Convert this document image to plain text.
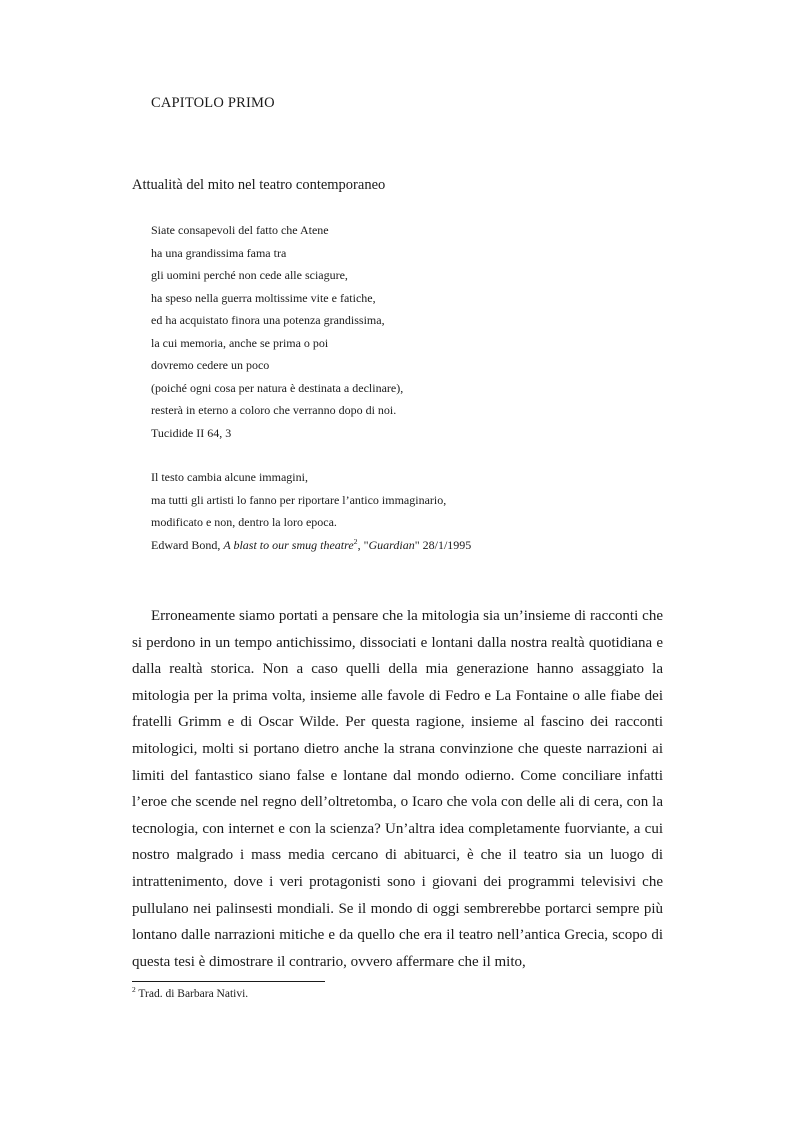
CAPITOLO PRIMO
Attualità del mito nel teatro contemporaneo
Siate consapevoli del fatto che Atene
ha una grandissima fama tra
gli uomini perché non cede alle sciagure,
ha speso nella guerra moltissime vite e fatiche,
ed ha acquistato finora una potenza grandissima,
la cui memoria, anche se prima o poi
dovremo cedere un poco
(poiché ogni cosa per natura è destinata a declinare),
resterà in eterno a coloro che verranno dopo di noi.
Tucidide II 64, 3
Il testo cambia alcune immagini,
ma tutti gli artisti lo fanno per riportare l’antico immaginario,
modificato e non, dentro la loro epoca.
Edward Bond, A blast to our smug theatre$^2$, "Guardian" 28/1/1995

Erroneamente siamo portati a pensare che la mitologia sia un’insieme di racconti che si perdono in un tempo antichissimo, dissociati e lontani dalla nostra realtà quotidiana e dalla realtà storica. Non a caso quelli della mia generazione hanno assaggiato la mitologia per la prima volta, insieme alle favole di Fedro e La Fontaine o alle fiabe dei fratelli Grimm e di Oscar Wilde. Per questa ragione, insieme al fascino dei racconti mitologici, molti si portano dietro anche la strana convinzione che queste narrazioni ai limiti del fantastico siano false e lontane dal mondo odierno. Come conciliare infatti l’eroe che scende nel regno dell’oltretomba, o Icaro che vola con delle ali di cera, con la tecnologia, con internet e con la scienza? Un’altra idea completamente fuorviante, a cui nostro malgrado i mass media cercano di abituarci, è che il teatro sia un luogo di intrattenimento, dove i veri protagonisti sono i giovani dei programmi televisivi che pullulano nei palinsesti mondiali. Se il mondo di oggi sembrerebbe portarci sempre più lontano dalle narrazioni mitiche e da quello che era il teatro nell’antica Grecia, scopo di questa tesi è dimostrare il contrario, ovvero affermare che il mito,

$^2$ Trad. di Barbara Nativi.
